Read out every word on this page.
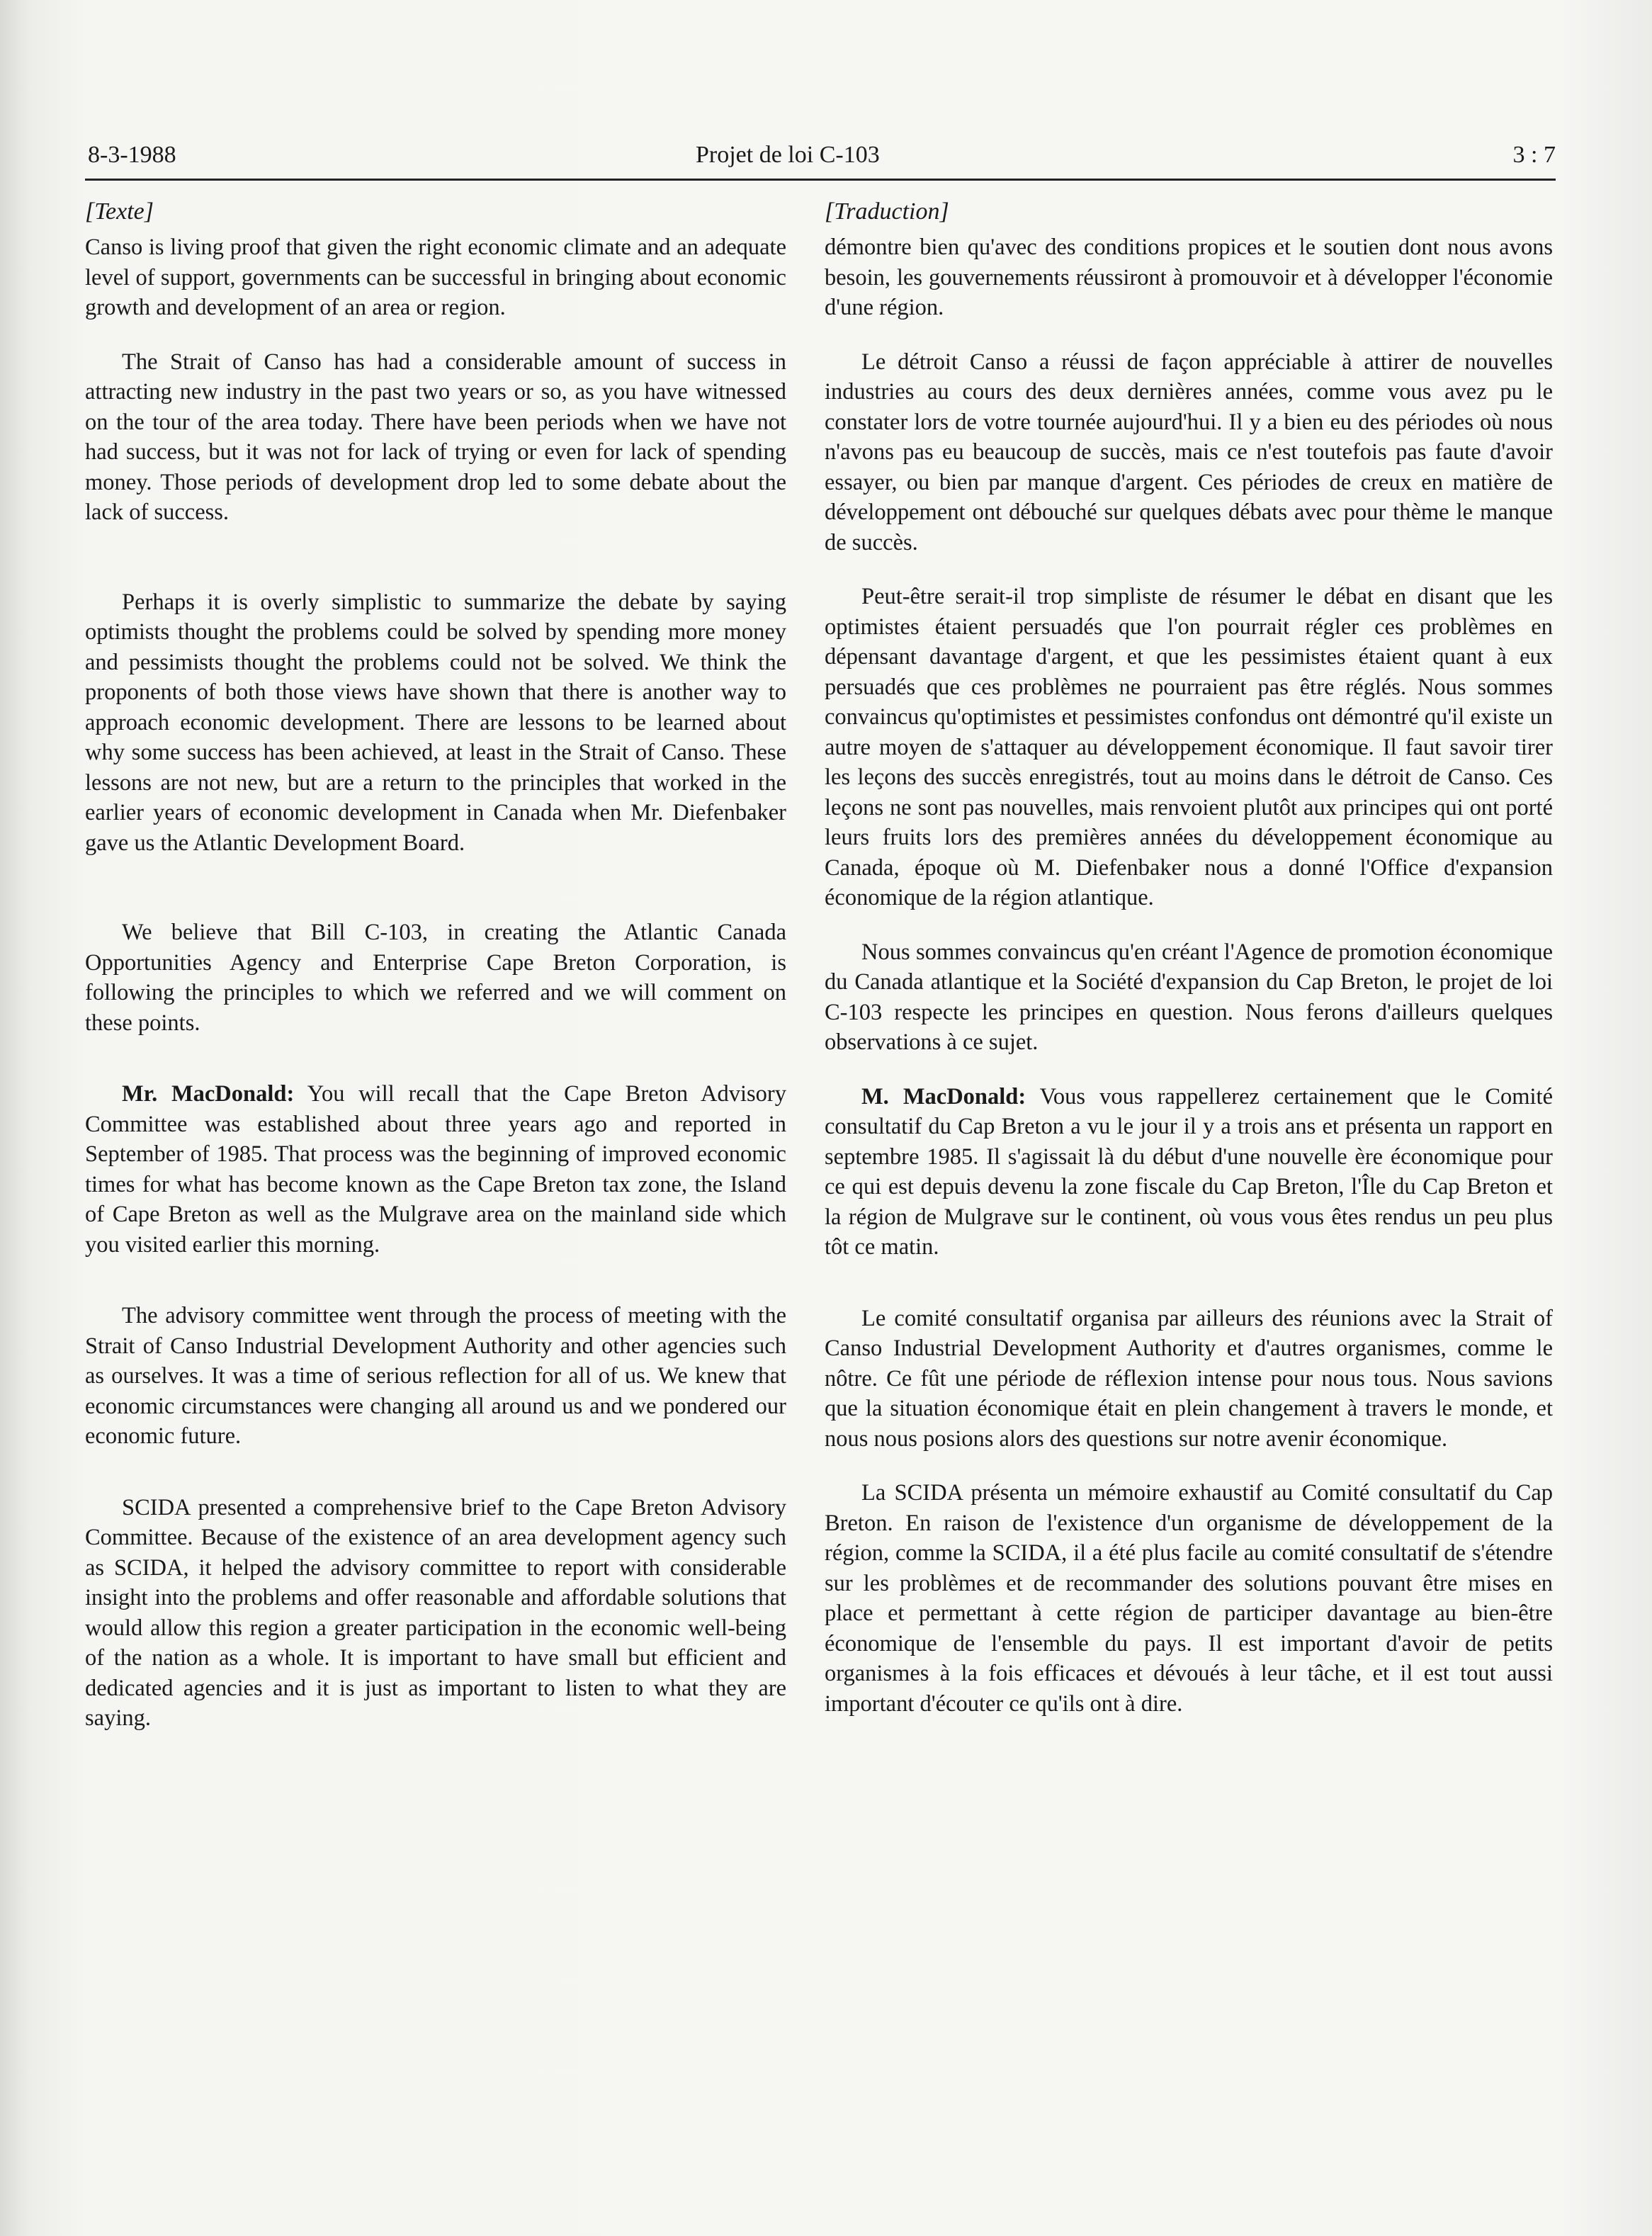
8-3-1988	Projet de loi C-103	3 : 7
[Texte]

Canso is living proof that given the right economic climate and an adequate level of support, governments can be successful in bringing about economic growth and development of an area or region.

The Strait of Canso has had a considerable amount of success in attracting new industry in the past two years or so, as you have witnessed on the tour of the area today. There have been periods when we have not had success, but it was not for lack of trying or even for lack of spending money. Those periods of development drop led to some debate about the lack of success.

Perhaps it is overly simplistic to summarize the debate by saying optimists thought the problems could be solved by spending more money and pessimists thought the problems could not be solved. We think the proponents of both those views have shown that there is another way to approach economic development. There are lessons to be learned about why some success has been achieved, at least in the Strait of Canso. These lessons are not new, but are a return to the principles that worked in the earlier years of economic development in Canada when Mr. Diefenbaker gave us the Atlantic Development Board.

We believe that Bill C-103, in creating the Atlantic Canada Opportunities Agency and Enterprise Cape Breton Corporation, is following the principles to which we referred and we will comment on these points.

Mr. MacDonald: You will recall that the Cape Breton Advisory Committee was established about three years ago and reported in September of 1985. That process was the beginning of improved economic times for what has become known as the Cape Breton tax zone, the Island of Cape Breton as well as the Mulgrave area on the mainland side which you visited earlier this morning.

The advisory committee went through the process of meeting with the Strait of Canso Industrial Development Authority and other agencies such as ourselves. It was a time of serious reflection for all of us. We knew that economic circumstances were changing all around us and we pondered our economic future.

SCIDA presented a comprehensive brief to the Cape Breton Advisory Committee. Because of the existence of an area development agency such as SCIDA, it helped the advisory committee to report with considerable insight into the problems and offer reasonable and affordable solutions that would allow this region a greater participation in the economic well-being of the nation as a whole. It is important to have small but efficient and dedicated agencies and it is just as important to listen to what they are saying.

[Traduction]

démontre bien qu'avec des conditions propices et le soutien dont nous avons besoin, les gouvernements réussiront à promouvoir et à développer l'économie d'une région.

Le détroit Canso a réussi de façon appréciable à attirer de nouvelles industries au cours des deux dernières années, comme vous avez pu le constater lors de votre tournée aujourd'hui. Il y a bien eu des périodes où nous n'avons pas eu beaucoup de succès, mais ce n'est toutefois pas faute d'avoir essayer, ou bien par manque d'argent. Ces périodes de creux en matière de développement ont débouché sur quelques débats avec pour thème le manque de succès.

Peut-être serait-il trop simpliste de résumer le débat en disant que les optimistes étaient persuadés que l'on pourrait régler ces problèmes en dépensant davantage d'argent, et que les pessimistes étaient quant à eux persuadés que ces problèmes ne pourraient pas être réglés. Nous sommes convaincus qu'optimistes et pessimistes confondus ont démontré qu'il existe un autre moyen de s'attaquer au développement économique. Il faut savoir tirer les leçons des succès enregistrés, tout au moins dans le détroit de Canso. Ces leçons ne sont pas nouvelles, mais renvoient plutôt aux principes qui ont porté leurs fruits lors des premières années du développement économique au Canada, époque où M. Diefenbaker nous a donné l'Office d'expansion économique de la région atlantique.

Nous sommes convaincus qu'en créant l'Agence de promotion économique du Canada atlantique et la Société d'expansion du Cap Breton, le projet de loi C-103 respecte les principes en question. Nous ferons d'ailleurs quelques observations à ce sujet.

M. MacDonald: Vous vous rappellerez certainement que le Comité consultatif du Cap Breton a vu le jour il y a trois ans et présenta un rapport en septembre 1985. Il s'agissait là du début d'une nouvelle ère économique pour ce qui est depuis devenu la zone fiscale du Cap Breton, l'Île du Cap Breton et la région de Mulgrave sur le continent, où vous vous êtes rendus un peu plus tôt ce matin.

Le comité consultatif organisa par ailleurs des réunions avec la Strait of Canso Industrial Development Authority et d'autres organismes, comme le nôtre. Ce fût une période de réflexion intense pour nous tous. Nous savions que la situation économique était en plein changement à travers le monde, et nous nous posions alors des questions sur notre avenir économique.

La SCIDA présenta un mémoire exhaustif au Comité consultatif du Cap Breton. En raison de l'existence d'un organisme de développement de la région, comme la SCIDA, il a été plus facile au comité consultatif de s'étendre sur les problèmes et de recommander des solutions pouvant être mises en place et permettant à cette région de participer davantage au bien-être économique de l'ensemble du pays. Il est important d'avoir de petits organismes à la fois efficaces et dévoués à leur tâche, et il est tout aussi important d'écouter ce qu'ils ont à dire.
